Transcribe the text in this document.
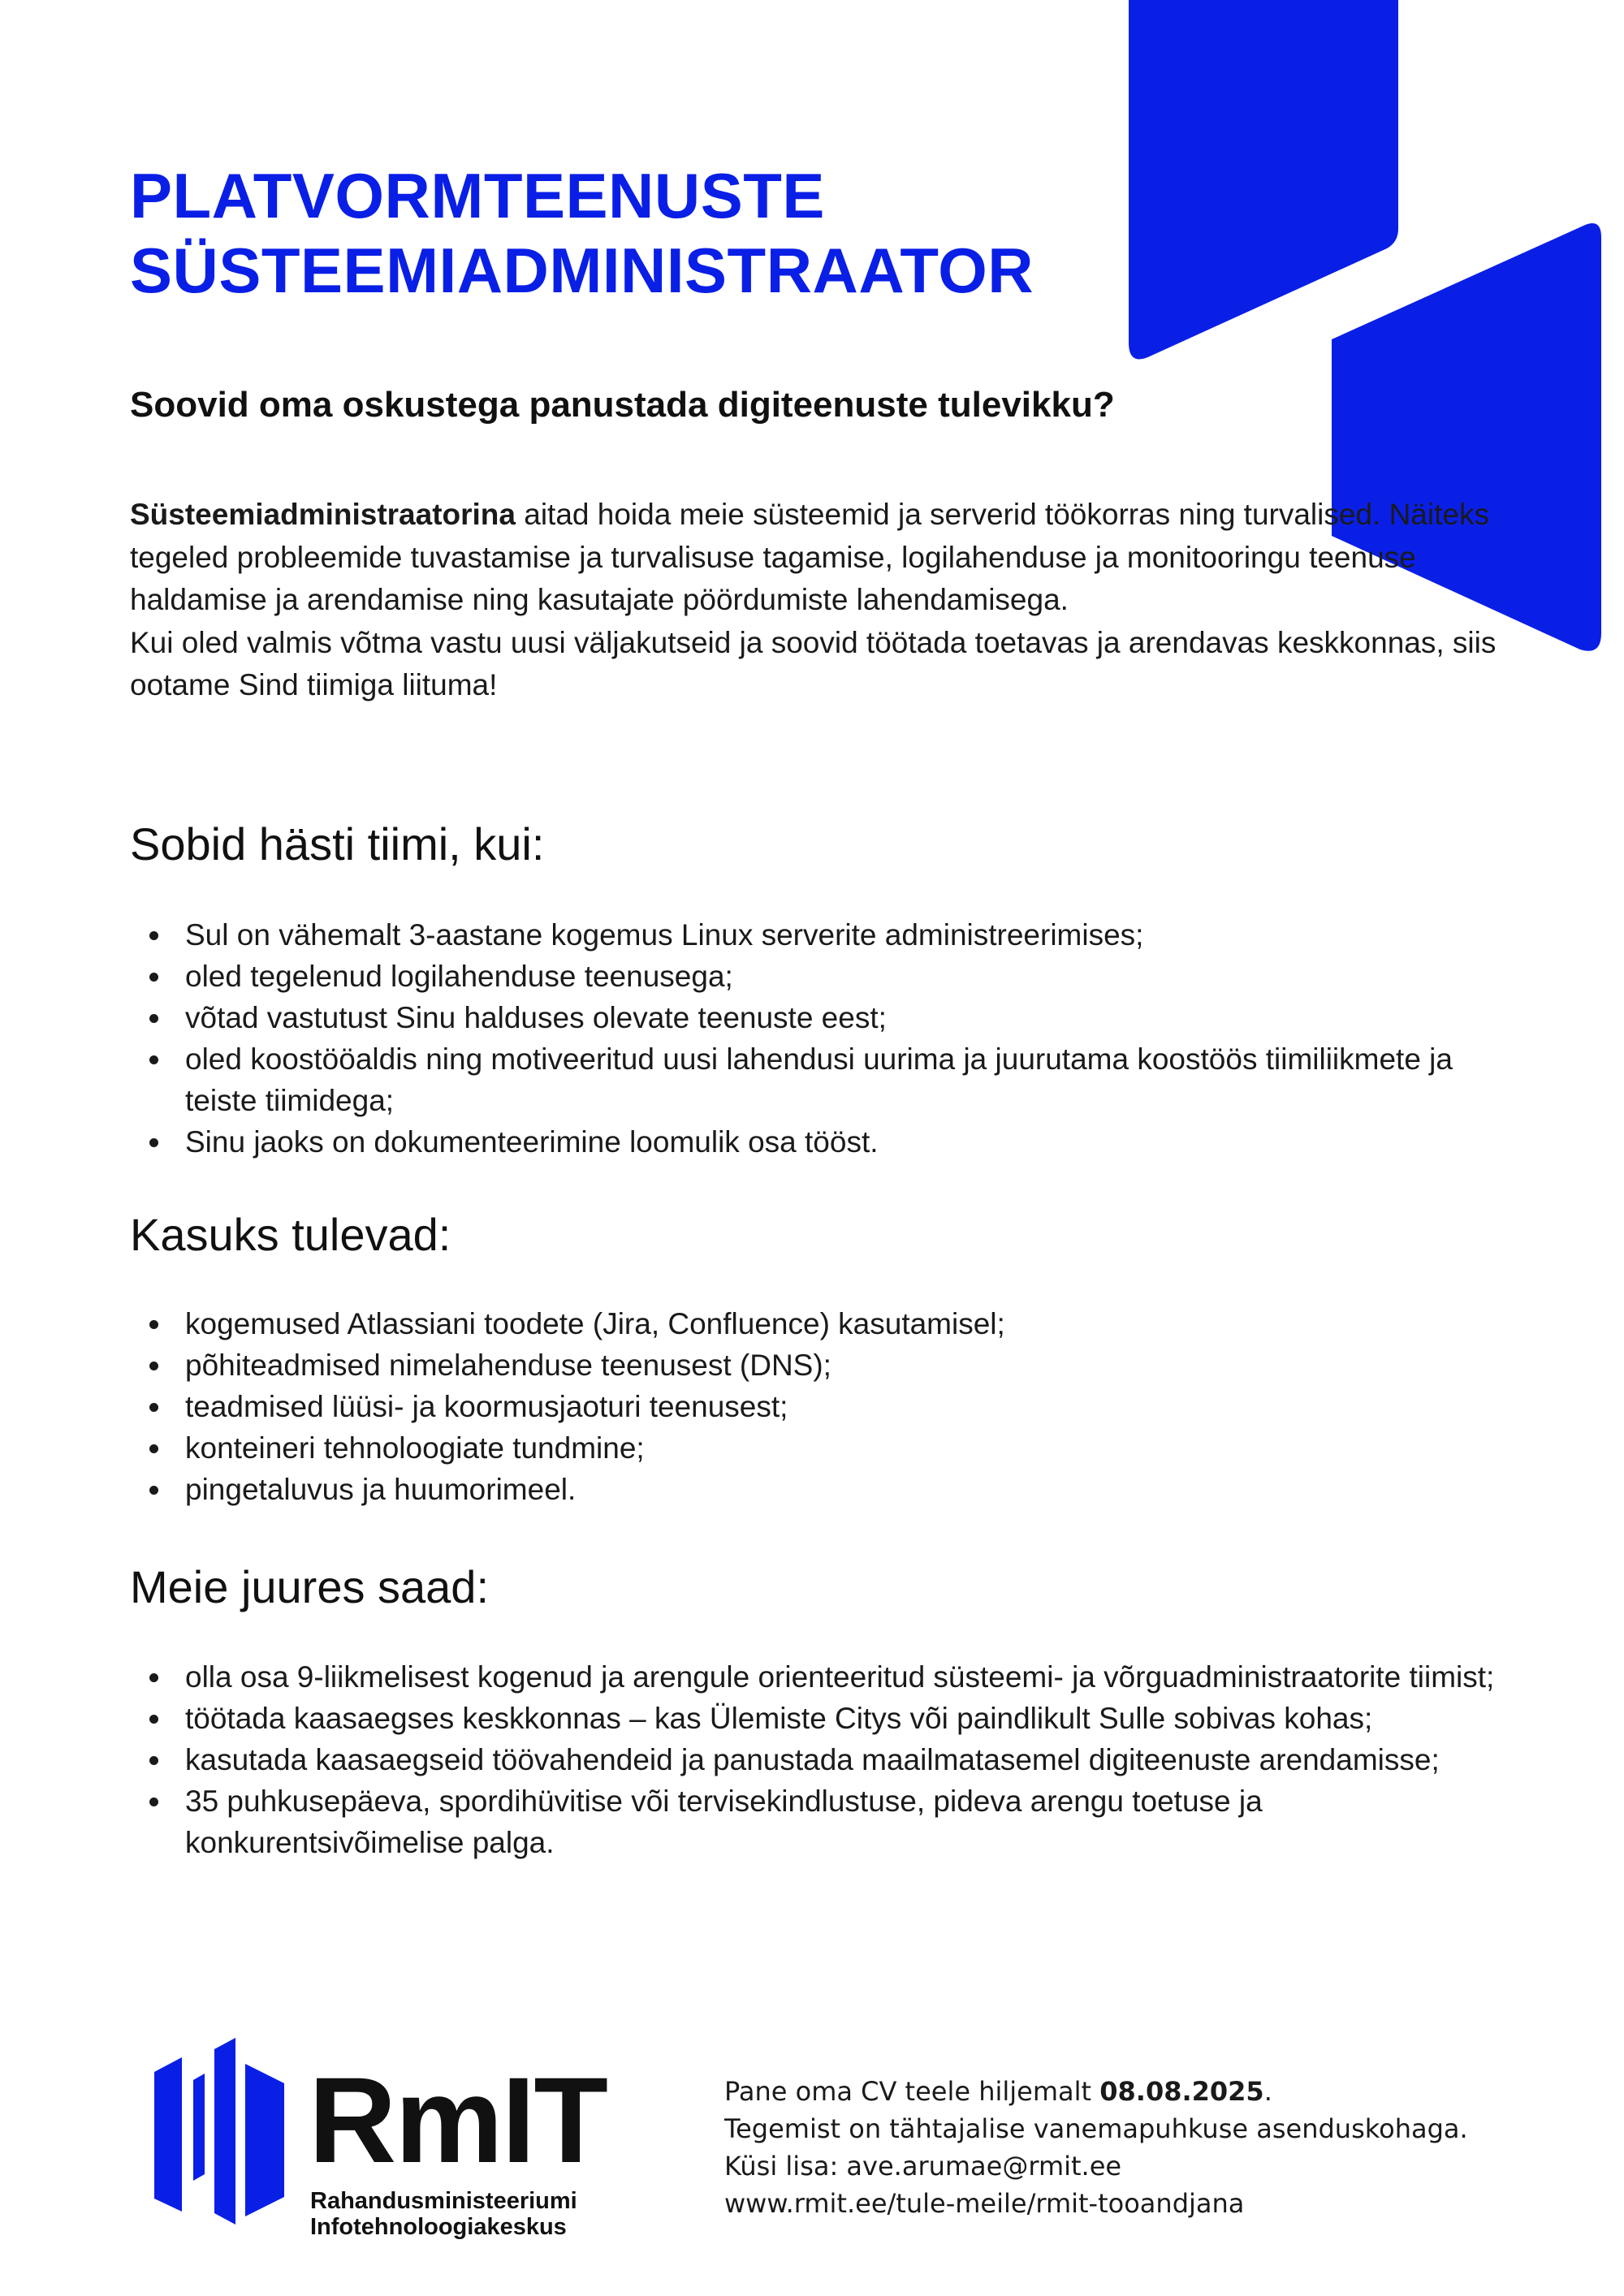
PLATVORMTEENUSTE
SÜSTEEMIADMINISTRAATOR
Soovid oma oskustega panustada digiteenuste tulevikku?

Süsteemiadministraatorina aitad hoida meie süsteemid ja serverid töökorras ning turvalised. Näiteks tegeled probleemide tuvastamise ja turvalisuse tagamise, logilahenduse ja monitooringu teenuse haldamise ja arendamise ning kasutajate pöördumiste lahendamisega.

Kui oled valmis võtma vastu uusi väljakutseid ja soovid töötada toetavas ja arendavas keskkonnas, siis ootame Sind tiimiga liituma!

Sobid hästi tiimi, kui:
Sul on vähemalt 3-aastane kogemus Linux serverite administreerimises;
oled tegelenud logilahenduse teenusega;
võtad vastutust Sinu halduses olevate teenuste eest;
oled koostööaldis ning motiveeritud uusi lahendusi uurima ja juurutama koostöös tiimiliikmete ja teiste tiimidega;
Sinu jaoks on dokumenteerimine loomulik osa tööst.
Kasuks tulevad:
kogemused Atlassiani toodete (Jira, Confluence) kasutamisel;
põhiteadmised nimelahenduse teenusest (DNS);
teadmised lüüsi- ja koormusjaoturi teenusest;
konteineri tehnoloogiate tundmine;
pingetaluvus ja huumorimeel.
Meie juures saad:
olla osa 9-liikmelisest kogenud ja arengule orienteeritud süsteemi- ja võrguadministraatorite tiimist;
töötada kaasaegses keskkonnas – kas Ülemiste Citys või paindlikult Sulle sobivas kohas;
kasutada kaasaegseid töövahendeid ja panustada maailmatasemel digiteenuste arendamisse;
35 puhkusepäeva, spordihüvitise või tervisekindlustuse, pideva arengu toetuse ja konkurentsivõimelise palga.
RmIT
Rahandusministeeriumi
Infotehnoloogiakeskus

Pane oma CV teele hiljemalt 08.08.2025.

Tegemist on tähtajalise vanemapuhkuse asenduskohaga.

Küsi lisa: ave.arumae@rmit.ee

www.rmit.ee/tule-meile/rmit-tooandjana
